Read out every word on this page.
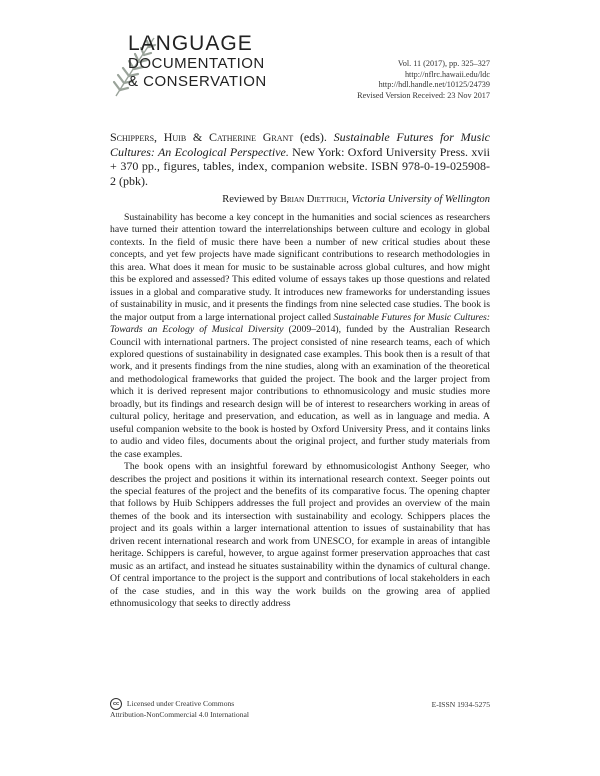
LANGUAGE
DOCUMENTATION
& CONSERVATION
Vol. 11 (2017), pp. 325–327
http://nflrc.hawaii.edu/ldc
http://hdl.handle.net/10125/24739
Revised Version Received: 23 Nov 2017
Schippers, Huib & Catherine Grant (eds). Sustainable Futures for Music Cultures: An Ecological Perspective. New York: Oxford University Press. xvii + 370 pp., figures, tables, index, companion website. ISBN 978-0-19-025908-2 (pbk).
Reviewed by Brian Diettrich, Victoria University of Wellington

Sustainability has become a key concept in the humanities and social sciences as researchers have turned their attention toward the interrelationships between culture and ecology in global contexts. In the field of music there have been a number of new critical studies about these concepts, and yet few projects have made significant contributions to research methodologies in this area. What does it mean for music to be sustainable across global cultures, and how might this be explored and assessed? This edited volume of essays takes up those questions and related issues in a global and comparative study. It introduces new frameworks for understanding issues of sustainability in music, and it presents the findings from nine selected case studies. The book is the major output from a large international project called Sustainable Futures for Music Cultures: Towards an Ecology of Musical Diversity (2009–2014), funded by the Australian Research Council with international partners. The project consisted of nine research teams, each of which explored questions of sustainability in designated case examples. This book then is a result of that work, and it presents findings from the nine studies, along with an examination of the theoretical and methodological frameworks that guided the project. The book and the larger project from which it is derived represent major contributions to ethnomusicology and music studies more broadly, but its findings and research design will be of interest to researchers working in areas of cultural policy, heritage and preservation, and education, as well as in language and media. A useful companion website to the book is hosted by Oxford University Press, and it contains links to audio and video files, documents about the original project, and further study materials from the case examples.

The book opens with an insightful foreward by ethnomusicologist Anthony Seeger, who describes the project and positions it within its international research context. Seeger points out the special features of the project and the benefits of its comparative focus. The opening chapter that follows by Huib Schippers addresses the full project and provides an overview of the main themes of the book and its intersection with sustainability and ecology. Schippers places the project and its goals within a larger international attention to issues of sustainability that has driven recent international research and work from UNESCO, for example in areas of intangible heritage. Schippers is careful, however, to argue against former preservation approaches that cast music as an artifact, and instead he situates sustainability within the dynamics of cultural change. Of central importance to the project is the support and contributions of local stakeholders in each of the case studies, and in this way the work builds on the growing area of applied ethnomusicology that seeks to directly address

cc Licensed under Creative Commons
Attribution-NonCommercial 4.0 International
E-ISSN 1934-5275
